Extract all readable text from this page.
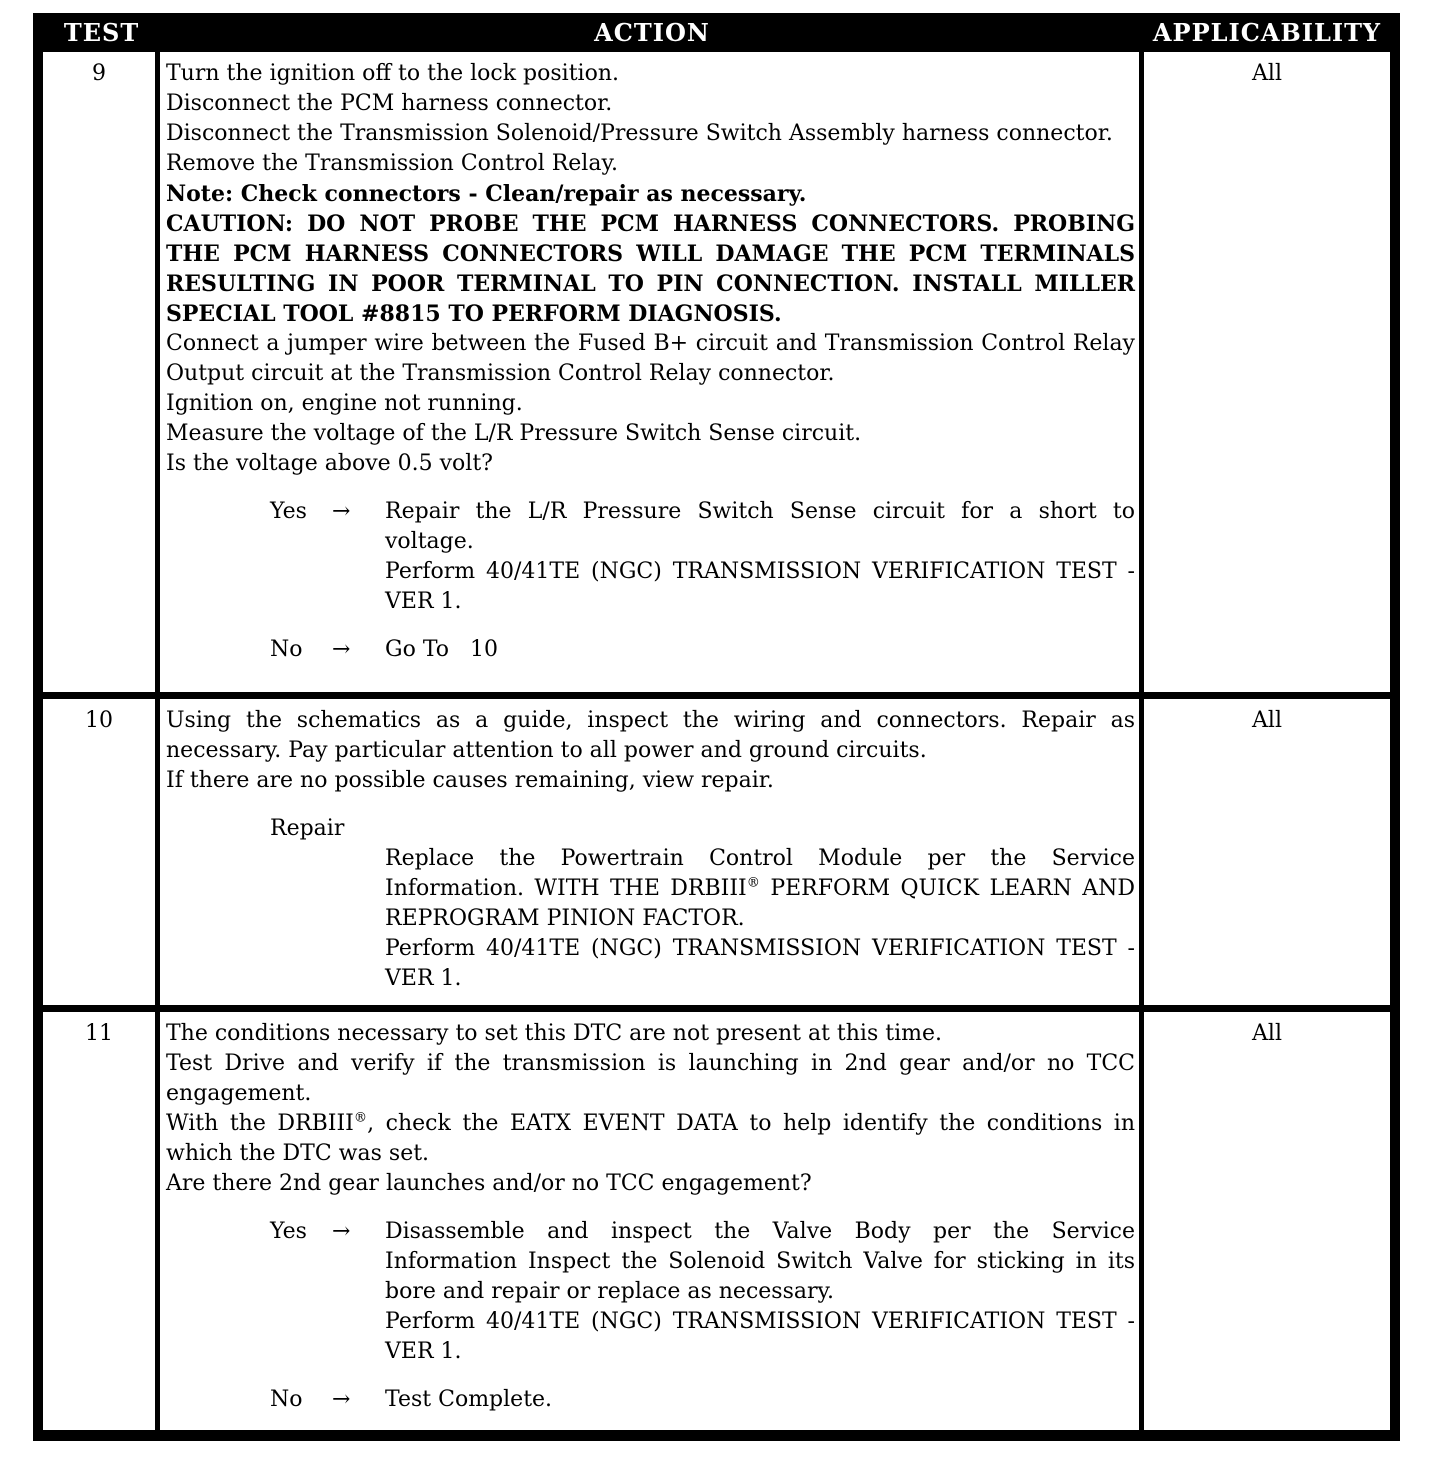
TEST	ACTION	APPLICABILITY
9	Turn the ignition off to the lock position.
Disconnect the PCM harness connector.
Disconnect the Transmission Solenoid/Pressure Switch Assembly harness connector.
Remove the Transmission Control Relay.
Note: Check connectors - Clean/repair as necessary.
CAUTION: DO NOT PROBE THE PCM HARNESS CONNECTORS. PROBING THE PCM HARNESS CONNECTORS WILL DAMAGE THE PCM TERMINALS RESULTING IN POOR TERMINAL TO PIN CONNECTION. INSTALL MILLER SPECIAL TOOL #8815 TO PERFORM DIAGNOSIS.
Connect a jumper wire between the Fused B+ circuit and Transmission Control Relay Output circuit at the Transmission Control Relay connector.
Ignition on, engine not running.
Measure the voltage of the L/R Pressure Switch Sense circuit.
Is the voltage above 0.5 volt?
Yes	→	Repair the L/R Pressure Switch Sense circuit for a short to voltage.
Perform 40/41TE (NGC) TRANSMISSION VERIFICATION TEST - VER 1.
No	→	Go To   10
	All
10	Using the schematics as a guide, inspect the wiring and connectors. Repair as necessary. Pay particular attention to all power and ground circuits.
If there are no possible causes remaining, view repair.
Repair
Replace the Powertrain Control Module per the Service Information. WITH THE DRBIII® PERFORM QUICK LEARN AND REPROGRAM PINION FACTOR.
Perform 40/41TE (NGC) TRANSMISSION VERIFICATION TEST - VER 1.	All
11	The conditions necessary to set this DTC are not present at this time.
Test Drive and verify if the transmission is launching in 2nd gear and/or no TCC engagement.
With the DRBIII®, check the EATX EVENT DATA to help identify the conditions in which the DTC was set.
Are there 2nd gear launches and/or no TCC engagement?
Yes	→	Disassemble and inspect the Valve Body per the Service Information Inspect the Solenoid Switch Valve for sticking in its bore and repair or replace as necessary.
Perform 40/41TE (NGC) TRANSMISSION VERIFICATION TEST - VER 1.
No	→	Test Complete.
	All
